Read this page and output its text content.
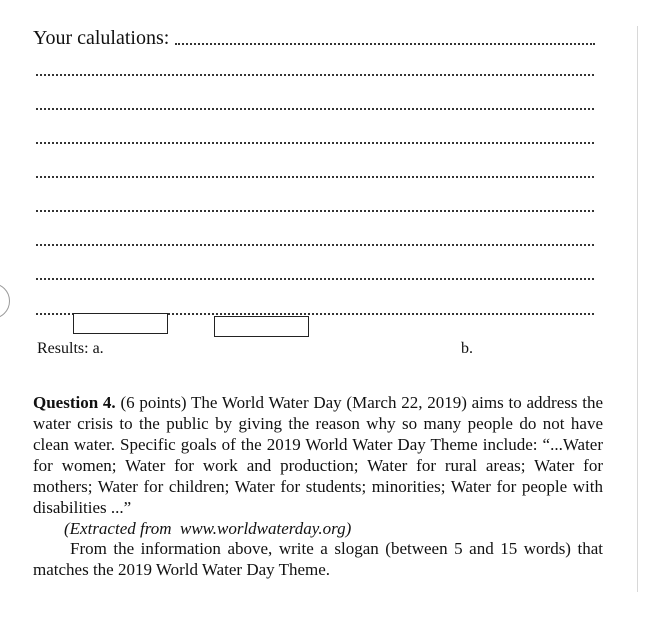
Your calulations:
Results: a.	b.

Question 4. (6 points) The World Water Day (March 22, 2019) aims to address the water crisis to the public by giving the reason why so many people do not have clean water. Specific goals of the 2019 World Water Day Theme include: “...Water for women; Water for work and production; Water for rural areas; Water for mothers; Water for children; Water for students; minorities; Water for people with disabilities ...”

(Extracted from www.worldwaterday.org)

From the information above, write a slogan (between 5 and 15 words) that matches the 2019 World Water Day Theme.
